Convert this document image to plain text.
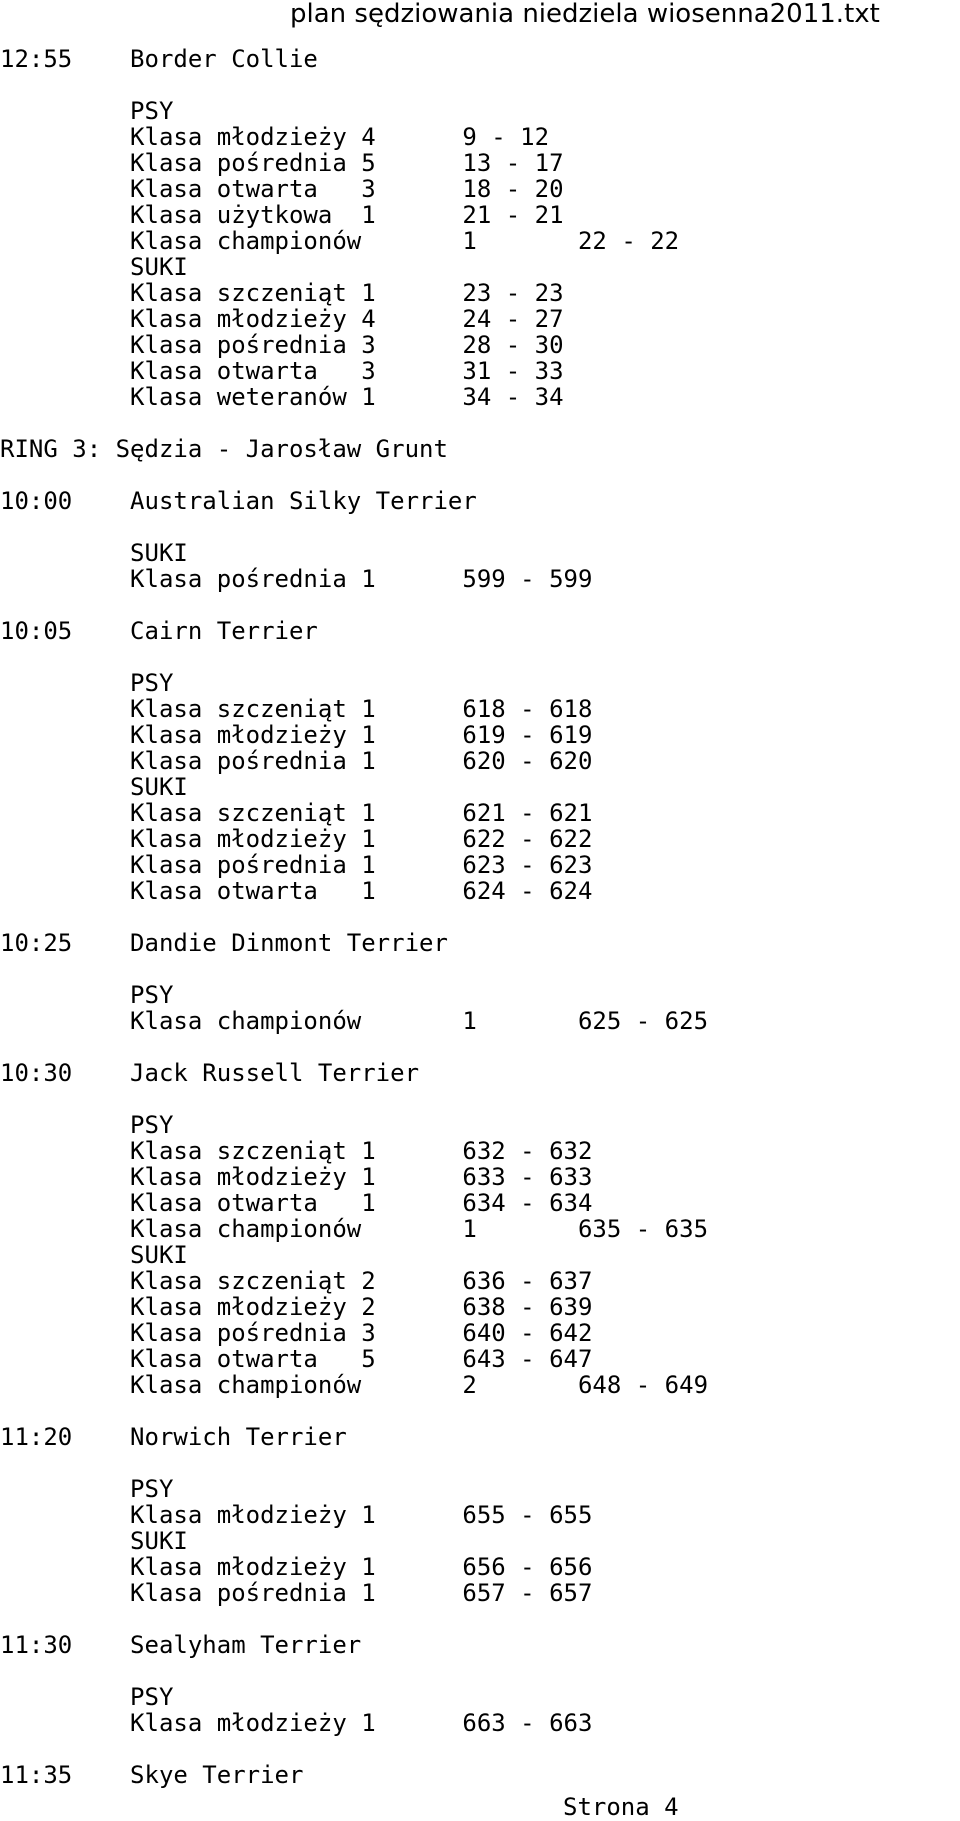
plan sędziowania niedziela wiosenna2011.txt
12:55    Border Collie
PSY
Klasa młodzieży 4      9 - 12
Klasa pośrednia 5      13 - 17
Klasa otwarta   3      18 - 20
Klasa użytkowa  1      21 - 21
Klasa championów       1       22 - 22
SUKI
Klasa szczeniąt 1      23 - 23
Klasa młodzieży 4      24 - 27
Klasa pośrednia 3      28 - 30
Klasa otwarta   3      31 - 33
Klasa weteranów 1      34 - 34
RING 3: Sędzia - Jarosław Grunt
10:00    Australian Silky Terrier
SUKI
Klasa pośrednia 1      599 - 599
10:05    Cairn Terrier
PSY
Klasa szczeniąt 1      618 - 618
Klasa młodzieży 1      619 - 619
Klasa pośrednia 1      620 - 620
SUKI
Klasa szczeniąt 1      621 - 621
Klasa młodzieży 1      622 - 622
Klasa pośrednia 1      623 - 623
Klasa otwarta   1      624 - 624
10:25    Dandie Dinmont Terrier
PSY
Klasa championów       1       625 - 625
10:30    Jack Russell Terrier
PSY
Klasa szczeniąt 1      632 - 632
Klasa młodzieży 1      633 - 633
Klasa otwarta   1      634 - 634
Klasa championów       1       635 - 635
SUKI
Klasa szczeniąt 2      636 - 637
Klasa młodzieży 2      638 - 639
Klasa pośrednia 3      640 - 642
Klasa otwarta   5      643 - 647
Klasa championów       2       648 - 649
11:20    Norwich Terrier
PSY
Klasa młodzieży 1      655 - 655
SUKI
Klasa młodzieży 1      656 - 656
Klasa pośrednia 1      657 - 657
11:30    Sealyham Terrier
PSY
Klasa młodzieży 1      663 - 663
11:35    Skye Terrier
Strona 4
